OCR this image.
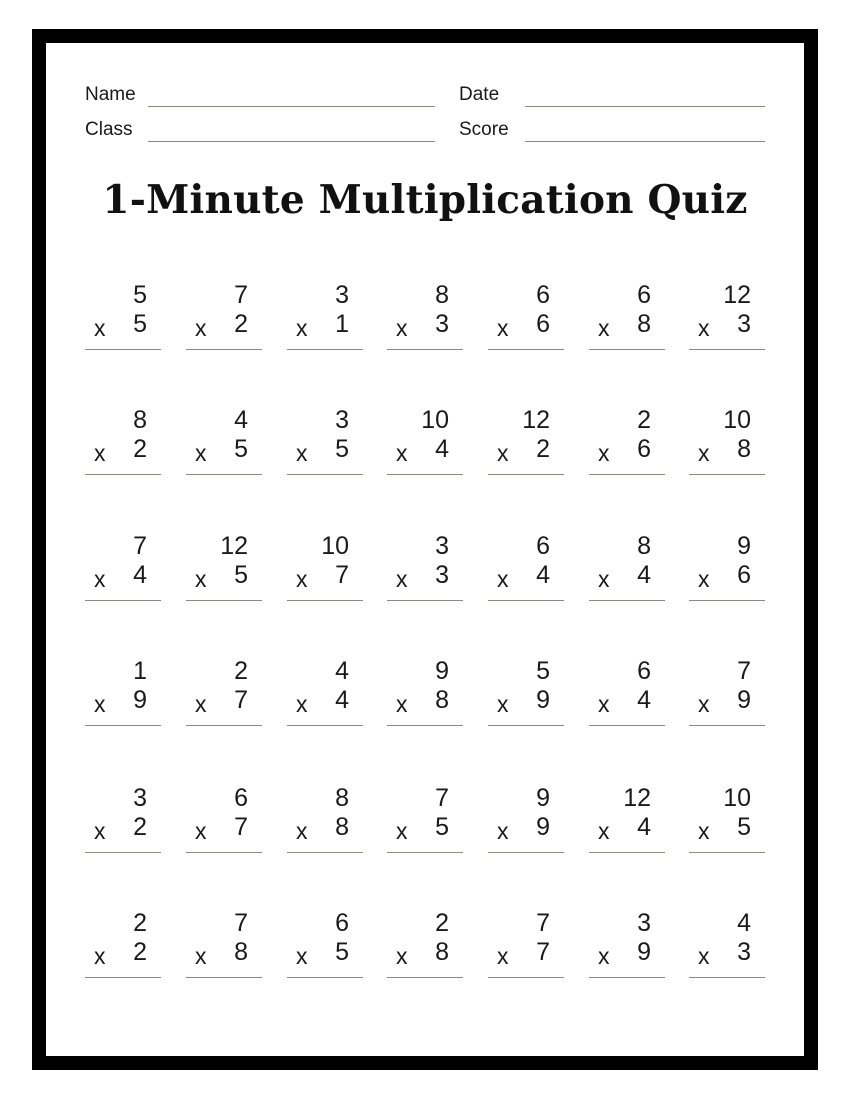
Name	Date
Class	Score
1-Minute Multiplication Quiz
5
x 5
7
x 2
3
x 1
8
x 3
6
x 6
6
x 8
12
x 3
8
x 2
4
x 5
3
x 5
10
x 4
12
x 2
2
x 6
10
x 8
7
x 4
12
x 5
10
x 7
3
x 3
6
x 4
8
x 4
9
x 6
1
x 9
2
x 7
4
x 4
9
x 8
5
x 9
6
x 4
7
x 9
3
x 2
6
x 7
8
x 8
7
x 5
9
x 9
12
x 4
10
x 5
2
x 2
7
x 8
6
x 5
2
x 8
7
x 7
3
x 9
4
x 3
